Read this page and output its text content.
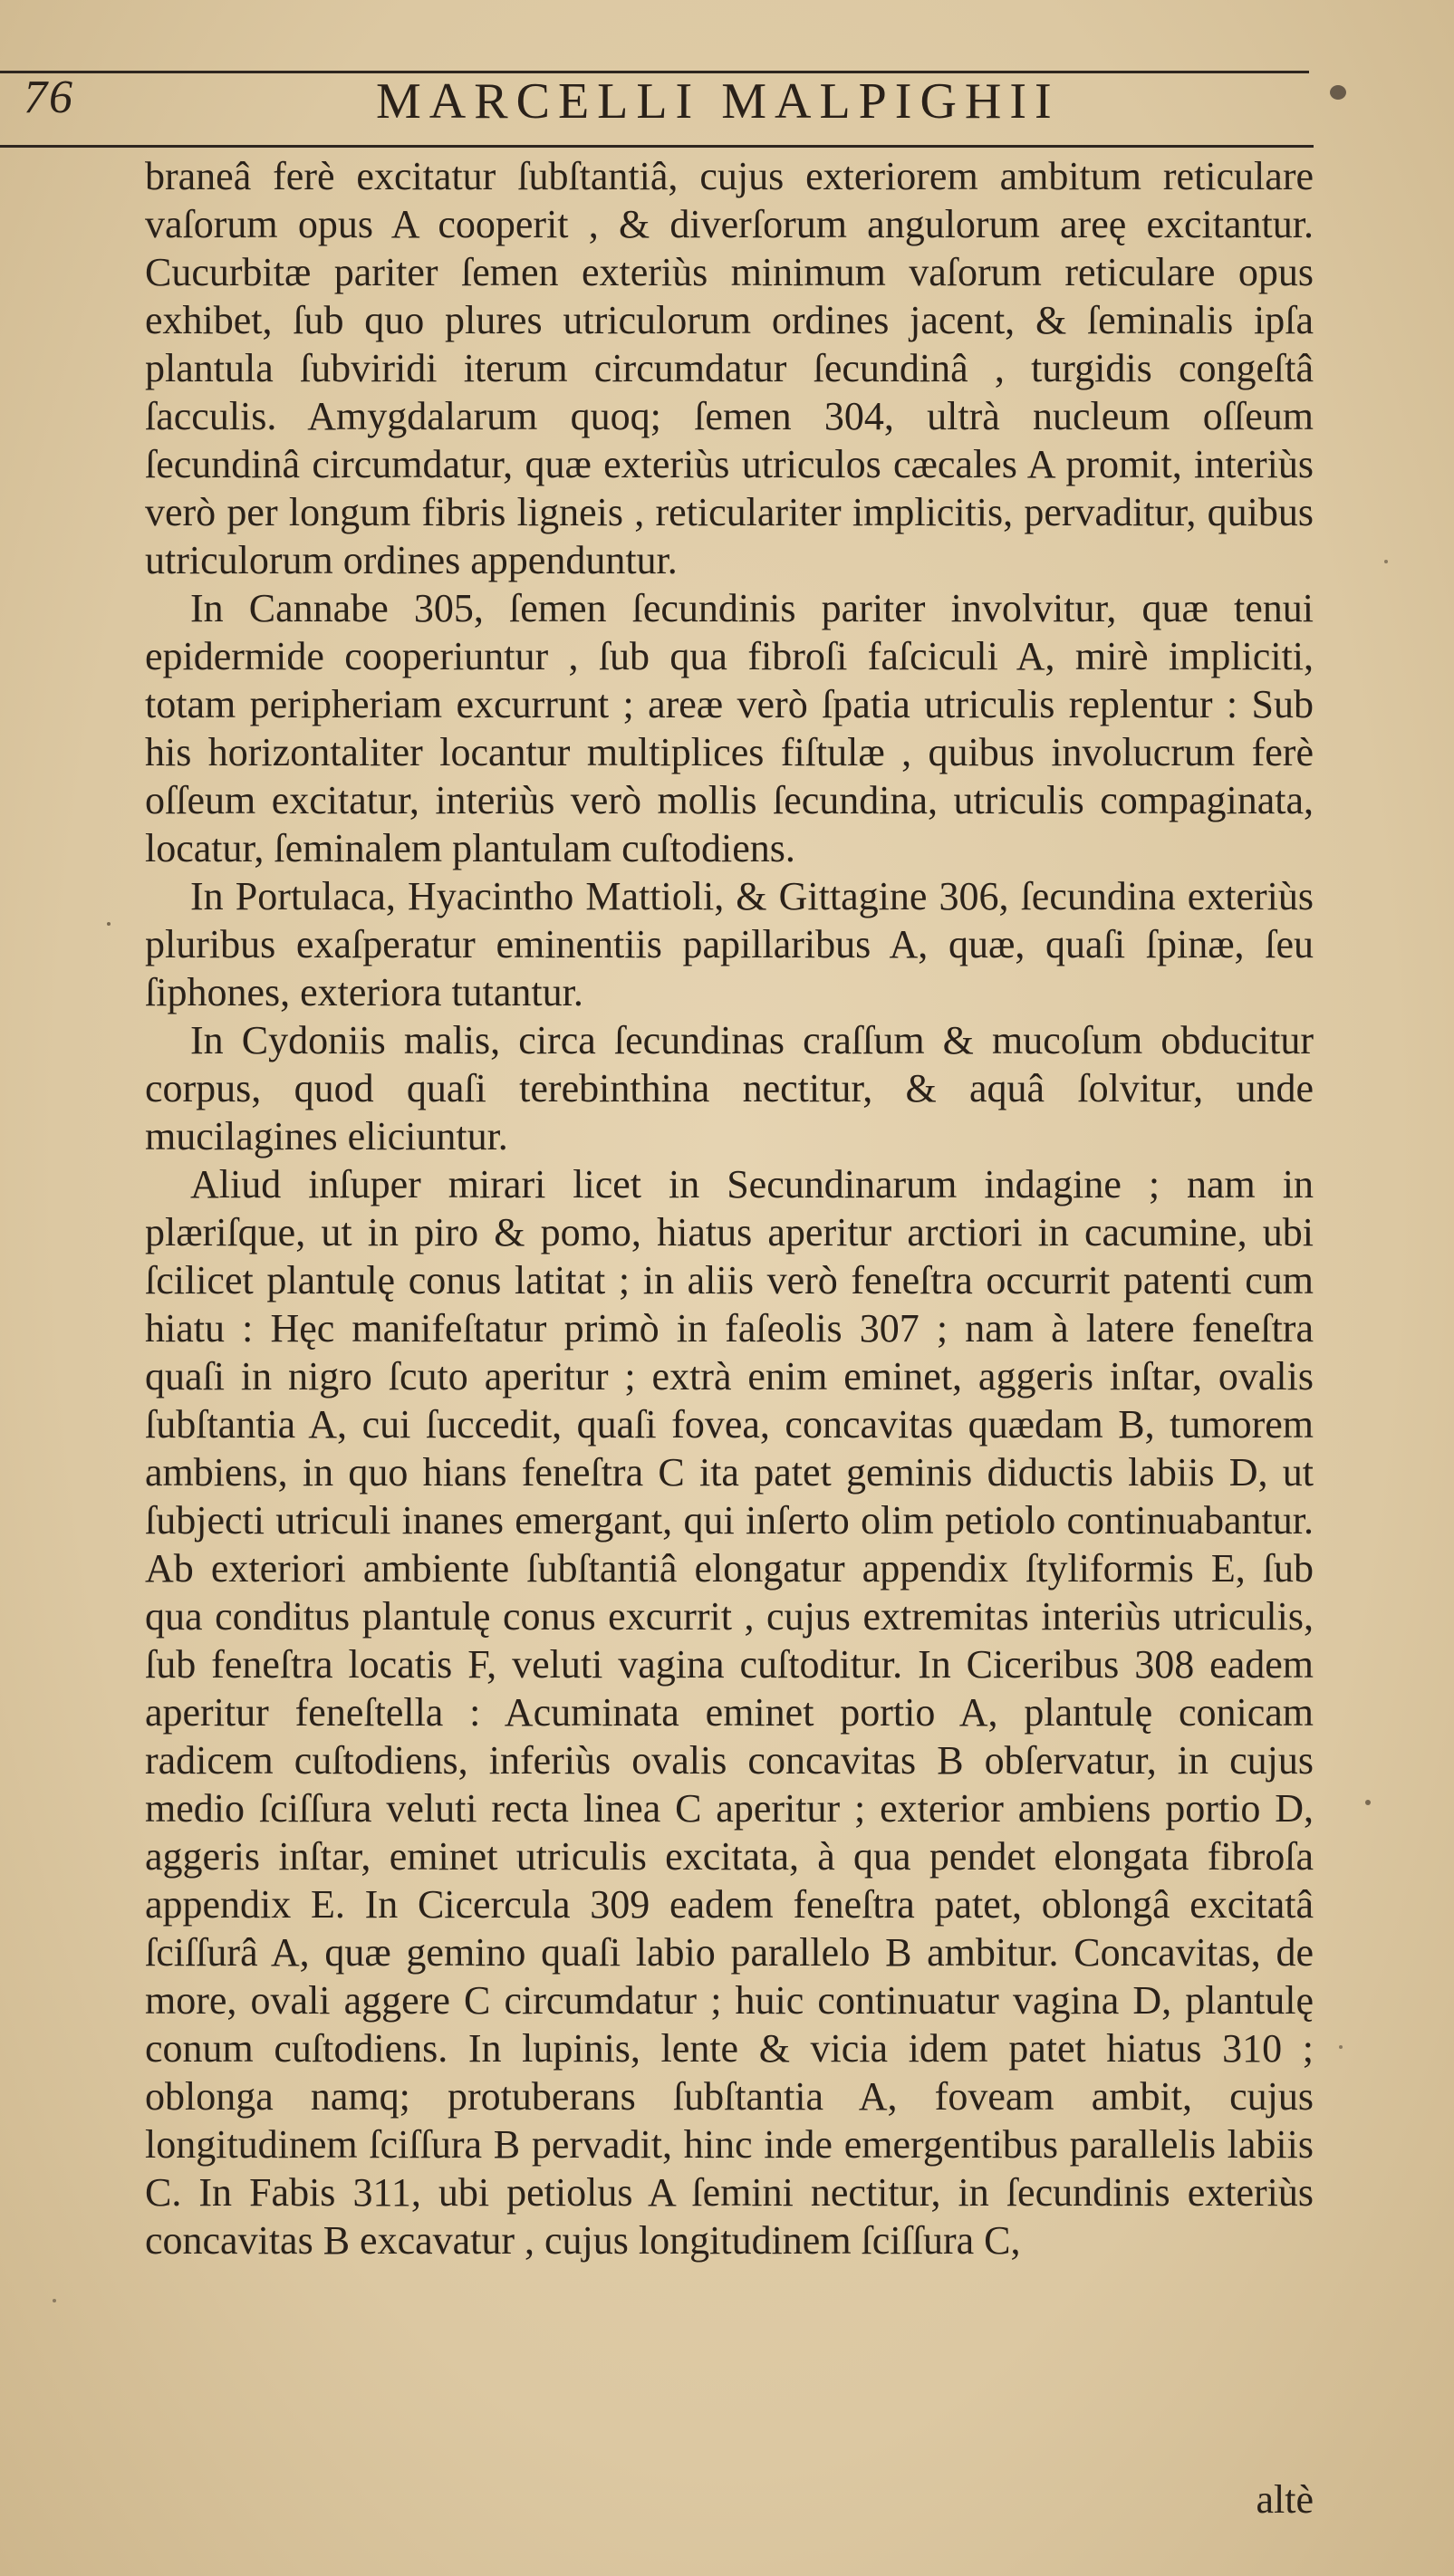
76	MARCELLI MALPIGHII

braneâ ferè excitatur ſubſtantiâ, cujus exteriorem ambitum reticulare vaſorum opus A cooperit , & diverſorum angulorum areę excitantur. Cucurbitæ pariter ſemen exteriùs minimum vaſorum reticulare opus exhibet, ſub quo plures utriculorum ordines jacent, & ſeminalis ipſa plantula ſubviridi iterum circumdatur ſecundinâ , turgidis congeſtâ ſacculis. Amygdalarum quoq; ſemen 304, ultrà nucleum oſſeum ſecundinâ circumdatur, quæ exteriùs utriculos cæcales A promit, interiùs verò per longum fibris ligneis , reticulariter implicitis, pervaditur, quibus utriculorum ordines appenduntur.

In Cannabe 305, ſemen ſecundinis pariter involvitur, quæ tenui epidermide cooperiuntur , ſub qua fibroſi faſciculi A, mirè impliciti, totam peripheriam excurrunt ; areæ verò ſpatia utriculis replentur : Sub his horizontaliter locantur multiplices fiſtulæ , quibus involucrum ferè oſſeum excitatur, interiùs verò mollis ſecundina, utriculis compaginata, locatur, ſeminalem plantulam cuſtodiens.

In Portulaca, Hyacintho Mattioli, & Gittagine 306, ſecundina exteriùs pluribus exaſperatur eminentiis papillaribus A, quæ, quaſi ſpinæ, ſeu ſiphones, exteriora tutantur.

In Cydoniis malis, circa ſecundinas craſſum & mucoſum obducitur corpus, quod quaſi terebinthina nectitur, & aquâ ſolvitur, unde mucilagines eliciuntur.

Aliud inſuper mirari licet in Secundinarum indagine ; nam in plæriſque, ut in piro & pomo, hiatus aperitur arctiori in cacumine, ubi ſcilicet plantulę conus latitat ; in aliis verò feneſtra occurrit patenti cum hiatu : Hęc manifeſtatur primò in faſeolis 307 ; nam à latere feneſtra quaſi in nigro ſcuto aperitur ; extrà enim eminet, aggeris inſtar, ovalis ſubſtantia A, cui ſuccedit, quaſi fovea, concavitas quædam B, tumorem ambiens, in quo hians feneſtra C ita patet geminis diductis labiis D, ut ſubjecti utriculi inanes emergant, qui inſerto olim petiolo continuabantur. Ab exteriori ambiente ſubſtantiâ elongatur appendix ſtyliformis E, ſub qua conditus plantulę conus excurrit , cujus extremitas interiùs utriculis, ſub feneſtra locatis F, veluti vagina cuſtoditur. In Ciceribus 308 eadem aperitur feneſtella : Acuminata eminet portio A, plantulę conicam radicem cuſtodiens, inferiùs ovalis concavitas B obſervatur, in cujus medio ſciſſura veluti recta linea C aperitur ; exterior ambiens portio D, aggeris inſtar, eminet utriculis excitata, à qua pendet elongata fibroſa appendix E. In Cicercula 309 eadem feneſtra patet, oblongâ excitatâ ſciſſurâ A, quæ gemino quaſi labio parallelo B ambitur. Concavitas, de more, ovali aggere C circumdatur ; huic continuatur vagina D, plantulę conum cuſtodiens. In lupinis, lente & vicia idem patet hiatus 310 ; oblonga namq; protuberans ſubſtantia A, foveam ambit, cujus longitudinem ſciſſura B pervadit, hinc inde emergentibus parallelis labiis C. In Fabis 311, ubi petiolus A ſemini nectitur, in ſecundinis exteriùs concavitas B excavatur , cujus longitudinem ſciſſura C,

altè
